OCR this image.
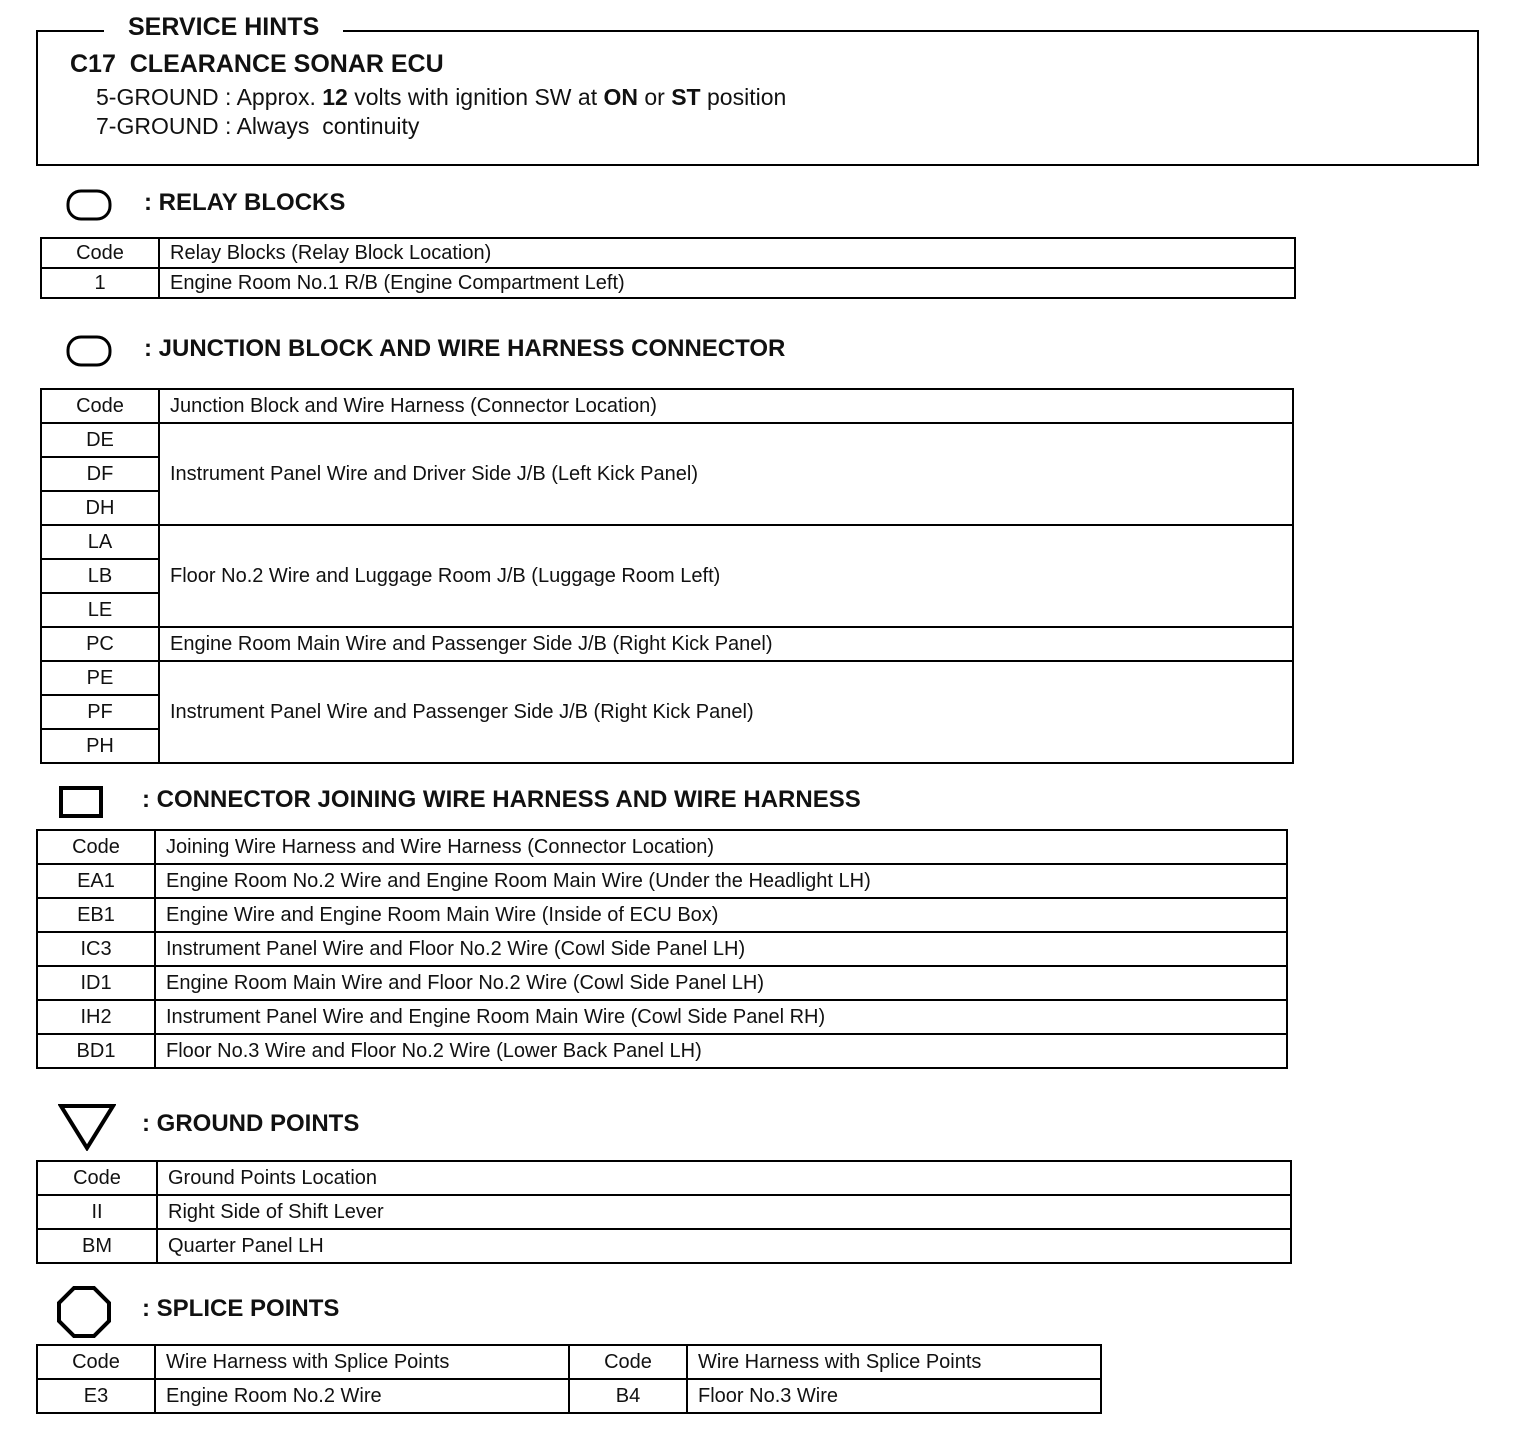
SERVICE HINTS
C17  CLEARANCE SONAR ECU
5-GROUND : Approx. 12 volts with ignition SW at ON or ST position
7-GROUND : Always  continuity
: RELAY BLOCKS
Code	Relay Blocks (Relay Block Location)
1	Engine Room No.1 R/B (Engine Compartment Left)
: JUNCTION BLOCK AND WIRE HARNESS CONNECTOR
Code	Junction Block and Wire Harness (Connector Location)
DE	Instrument Panel Wire and Driver Side J/B (Left Kick Panel)
DF	
DH	
LA	Floor No.2 Wire and Luggage Room J/B (Luggage Room Left)
LB	
LE	
PC	Engine Room Main Wire and Passenger Side J/B (Right Kick Panel)
PE	Instrument Panel Wire and Passenger Side J/B (Right Kick Panel)
PF	
PH	
: CONNECTOR JOINING WIRE HARNESS AND WIRE HARNESS
Code	Joining Wire Harness and Wire Harness (Connector Location)
EA1	Engine Room No.2 Wire and Engine Room Main Wire (Under the Headlight LH)
EB1	Engine Wire and Engine Room Main Wire (Inside of ECU Box)
IC3	Instrument Panel Wire and Floor No.2 Wire (Cowl Side Panel LH)
ID1	Engine Room Main Wire and Floor No.2 Wire (Cowl Side Panel LH)
IH2	Instrument Panel Wire and Engine Room Main Wire (Cowl Side Panel RH)
BD1	Floor No.3 Wire and Floor No.2 Wire (Lower Back Panel LH)
: GROUND POINTS
Code	Ground Points Location
II	Right Side of Shift Lever
BM	Quarter Panel LH
: SPLICE POINTS
Code	Wire Harness with Splice Points	Code	Wire Harness with Splice Points
E3	Engine Room No.2 Wire	B4	Floor No.3 Wire
